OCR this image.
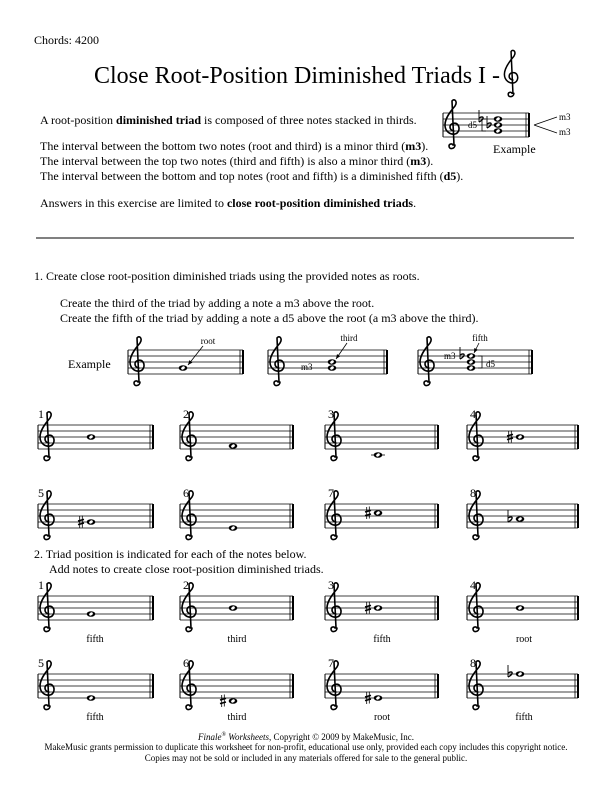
Chords: 4200
Close Root-Position Diminished Triads I -
A root-position diminished triad is composed of three notes stacked in thirds.
The interval between the bottom two notes (root and third) is a minor third (m3).
The interval between the top two notes (third and fifth) is also a minor third (m3).
The interval between the bottom and top notes (root and fifth) is a diminished fifth (d5).
Answers in this exercise are limited to close root-position diminished triads.
1. Create close root-position diminished triads using the provided notes as roots.
Create the third of the triad by adding a note a m3 above the root.
Create the fifth of the triad by adding a note a d5 above the root (a m3 above the third).
2. Triad position is indicated for each of the notes below.
Add notes to create close root-position diminished triads.
Finale® Worksheets, Copyright © 2009 by MakeMusic, Inc.
MakeMusic grants permission to duplicate this worksheet for non-profit, educational use only, provided each copy includes this copyright notice.
Copies may not be sold or included in any materials offered for sale to the general public.
d5
m3
m3
Example
root	third
m3
fifth
m3
d5
Example
1	2	3	4
5	6	7	8
1
fifth
2
third
3
fifth
4
root
5
fifth
6
third
7
root
8
fifth
